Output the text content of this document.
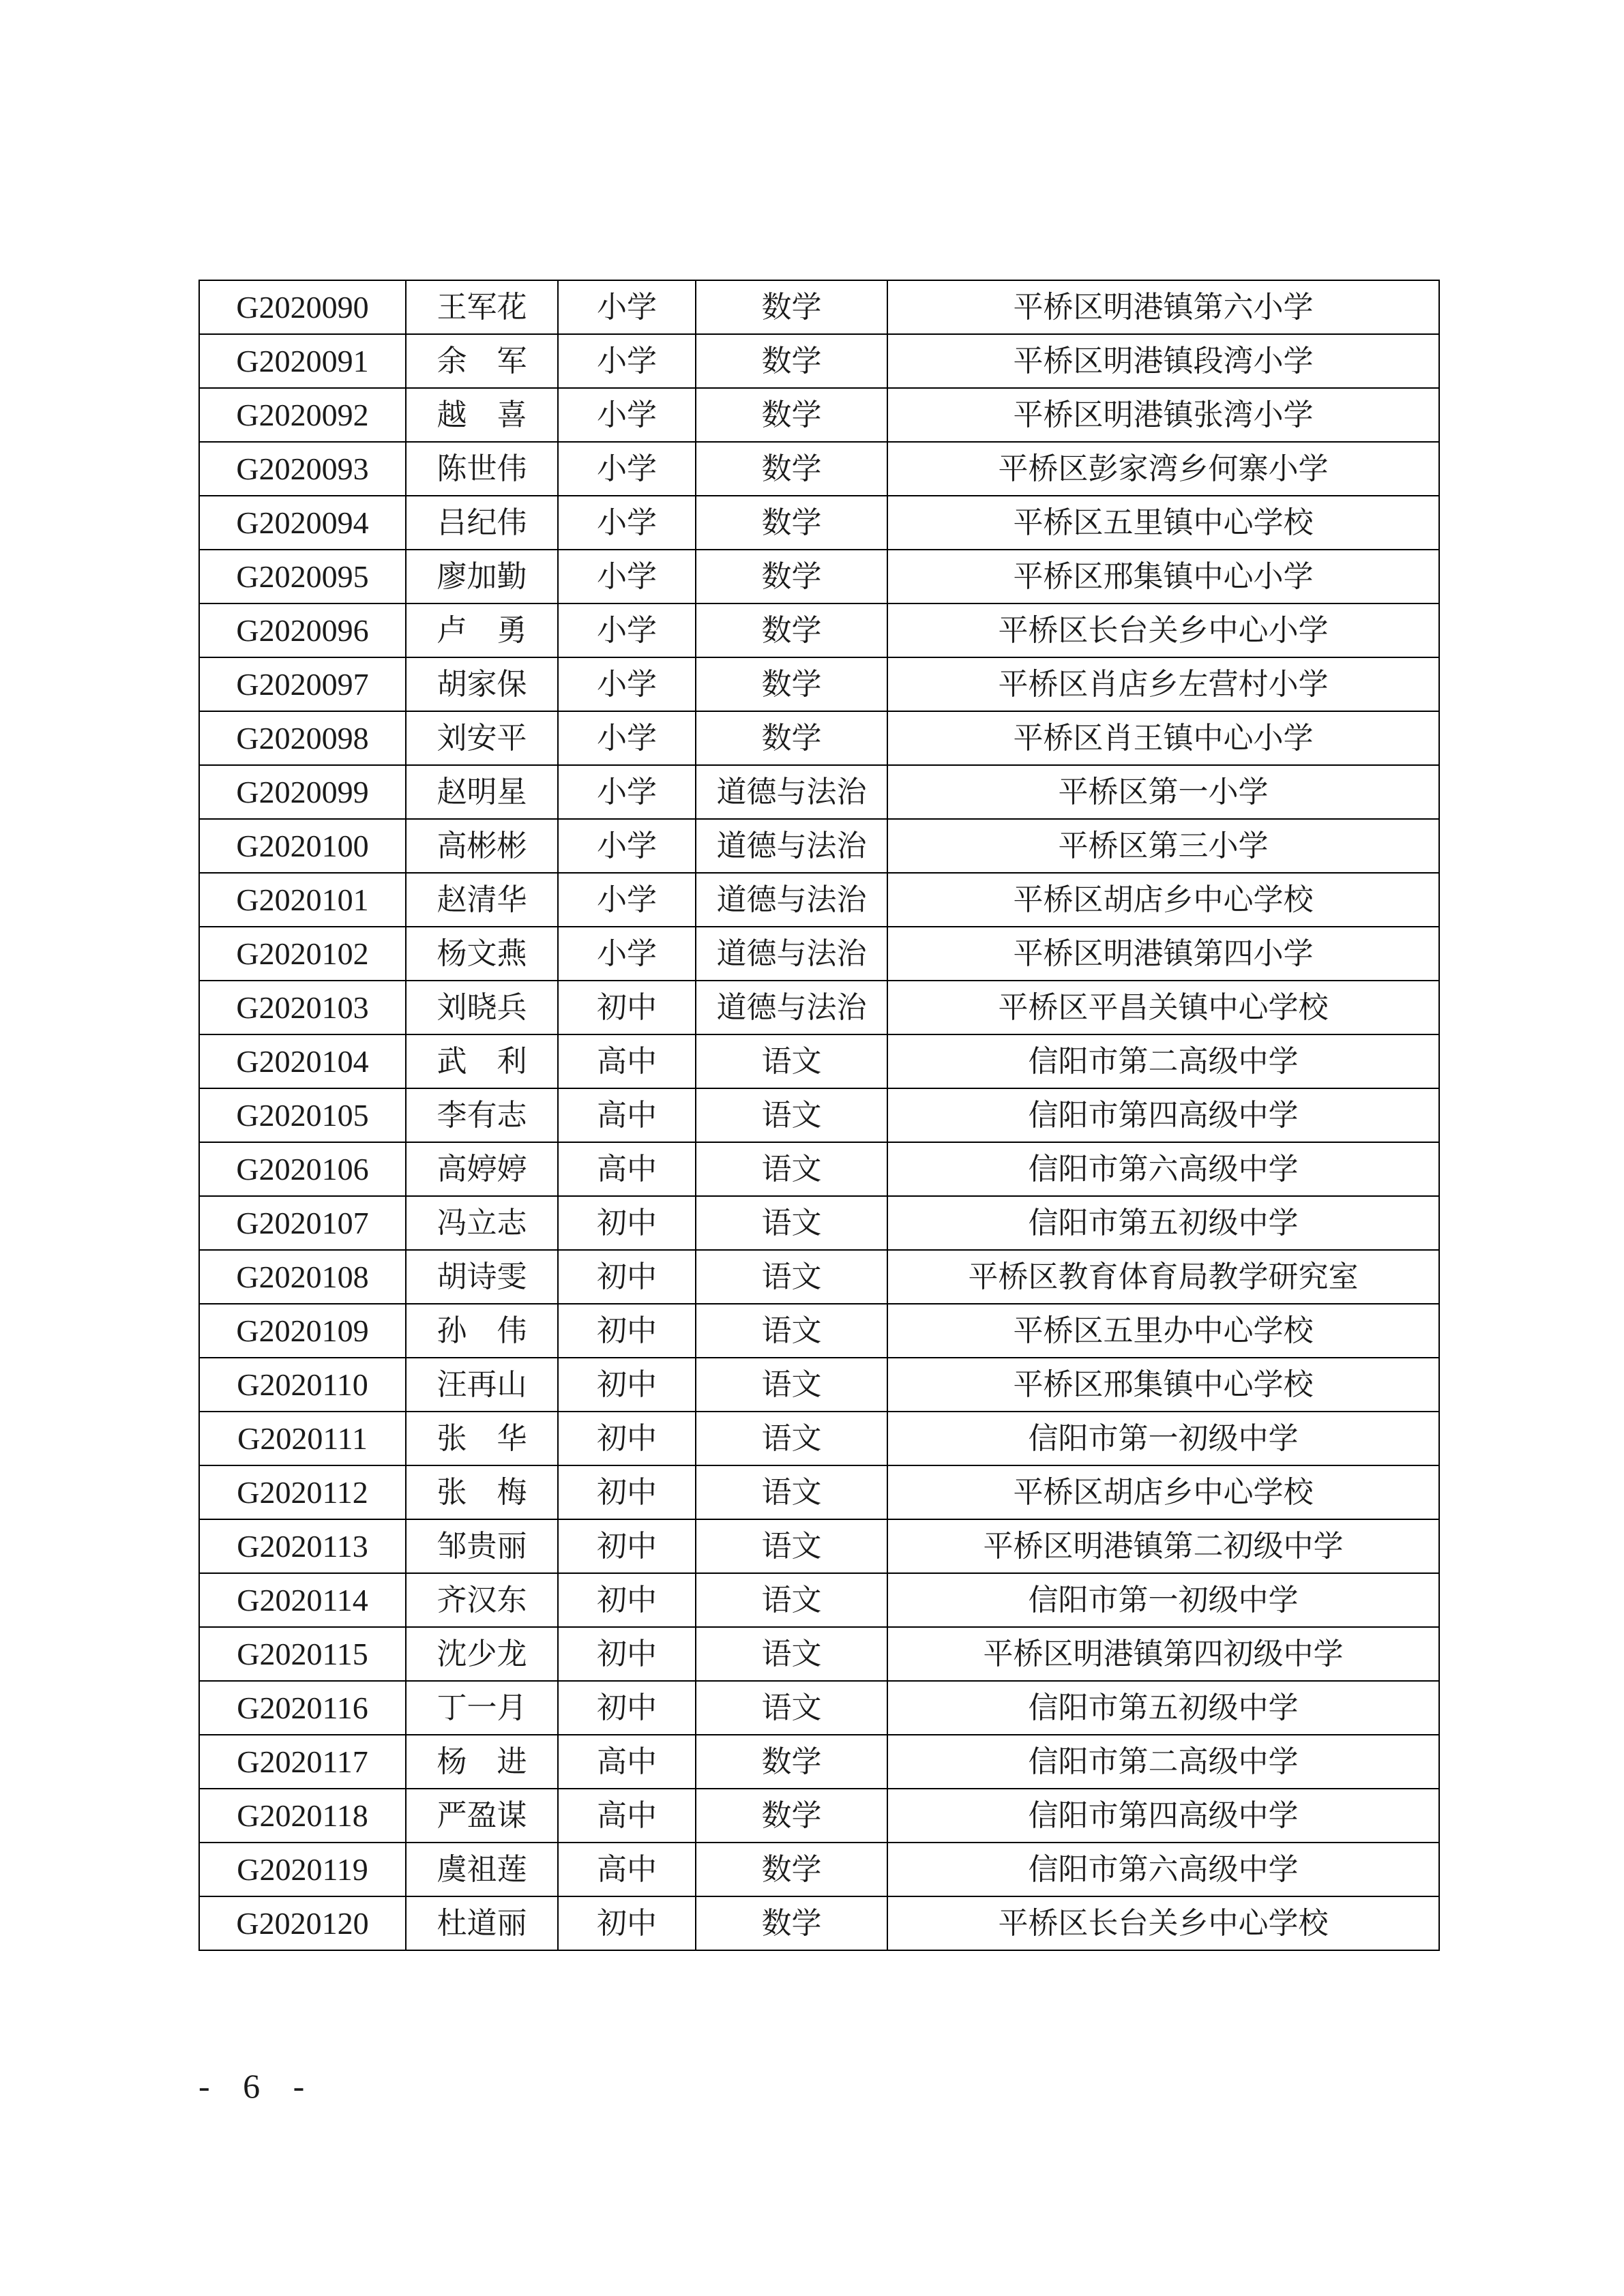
G2020090	王军花	小学	数学	平桥区明港镇第六小学
G2020091	余　军	小学	数学	平桥区明港镇段湾小学
G2020092	越　喜	小学	数学	平桥区明港镇张湾小学
G2020093	陈世伟	小学	数学	平桥区彭家湾乡何寨小学
G2020094	吕纪伟	小学	数学	平桥区五里镇中心学校
G2020095	廖加勤	小学	数学	平桥区邢集镇中心小学
G2020096	卢　勇	小学	数学	平桥区长台关乡中心小学
G2020097	胡家保	小学	数学	平桥区肖店乡左营村小学
G2020098	刘安平	小学	数学	平桥区肖王镇中心小学
G2020099	赵明星	小学	道德与法治	平桥区第一小学
G2020100	高彬彬	小学	道德与法治	平桥区第三小学
G2020101	赵清华	小学	道德与法治	平桥区胡店乡中心学校
G2020102	杨文燕	小学	道德与法治	平桥区明港镇第四小学
G2020103	刘晓兵	初中	道德与法治	平桥区平昌关镇中心学校
G2020104	武　利	高中	语文	信阳市第二高级中学
G2020105	李有志	高中	语文	信阳市第四高级中学
G2020106	高婷婷	高中	语文	信阳市第六高级中学
G2020107	冯立志	初中	语文	信阳市第五初级中学
G2020108	胡诗雯	初中	语文	平桥区教育体育局教学研究室
G2020109	孙　伟	初中	语文	平桥区五里办中心学校
G2020110	汪再山	初中	语文	平桥区邢集镇中心学校
G2020111	张　华	初中	语文	信阳市第一初级中学
G2020112	张　梅	初中	语文	平桥区胡店乡中心学校
G2020113	邹贵丽	初中	语文	平桥区明港镇第二初级中学
G2020114	齐汉东	初中	语文	信阳市第一初级中学
G2020115	沈少龙	初中	语文	平桥区明港镇第四初级中学
G2020116	丁一月	初中	语文	信阳市第五初级中学
G2020117	杨　进	高中	数学	信阳市第二高级中学
G2020118	严盈谋	高中	数学	信阳市第四高级中学
G2020119	虞祖莲	高中	数学	信阳市第六高级中学
G2020120	杜道丽	初中	数学	平桥区长台关乡中心学校
- 6 -
